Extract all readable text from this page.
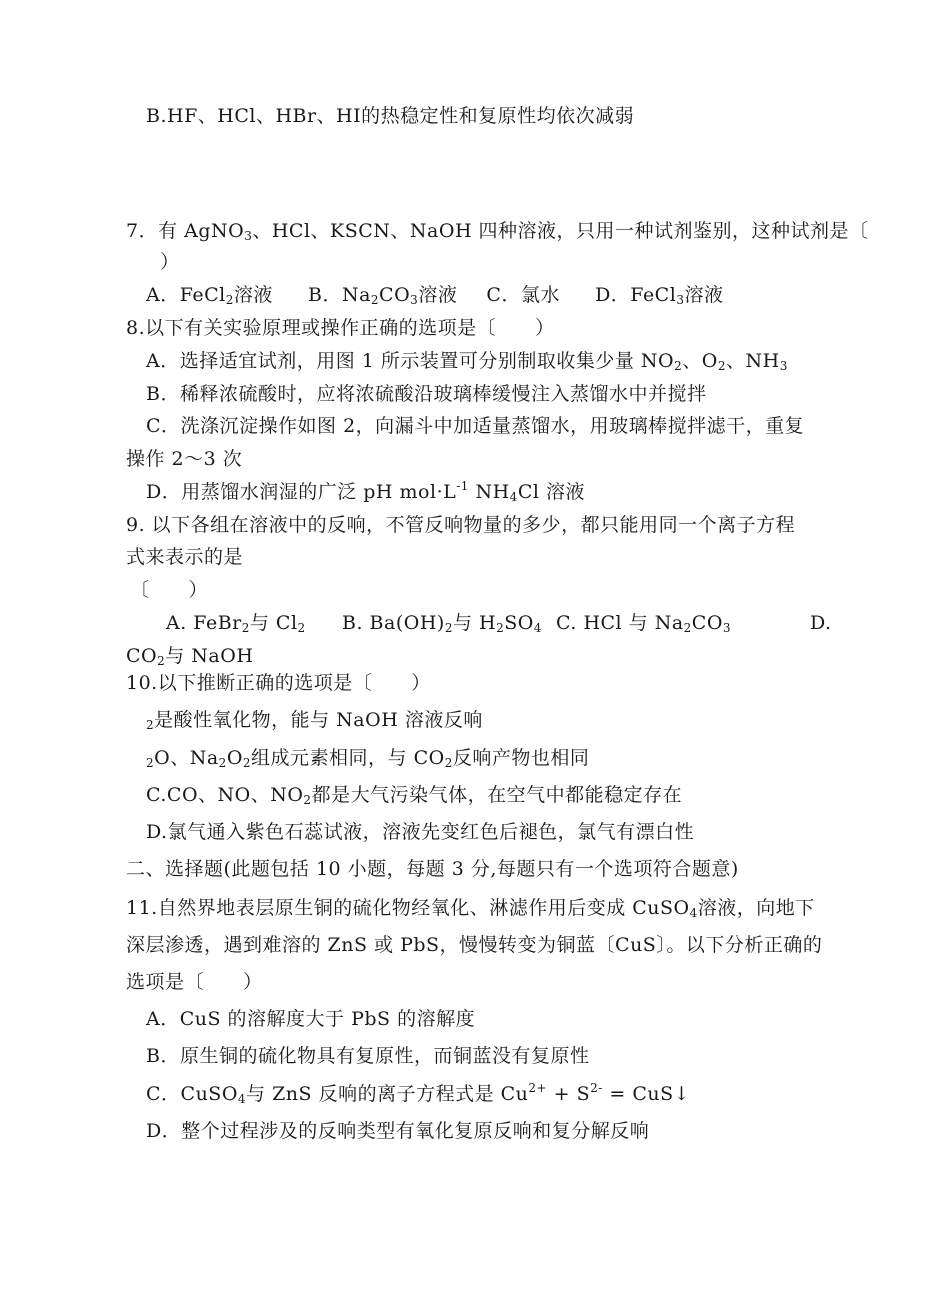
B.HF、HCl、HBr、HI的热稳定性和复原性均依次减弱
7．有 AgNO$_3$、HCl、KSCN、NaOH 四种溶液，只用一种试剂鉴别，这种试剂是〔
）
A．FeCl$_2$溶液 B．$Na_2CO_3$溶液 C．氯水 D．FeCl$_3$溶液
8.以下有关实验原理或操作正确的选项是〔　　）
A．选择适宜试剂，用图 1 所示装置可分别制取收集少量 $NO_2$、$O_2$、$NH_3$
B．稀释浓硫酸时，应将浓硫酸沿玻璃棒缓慢注入蒸馏水中并搅拌
C．洗涤沉淀操作如图 2，向漏斗中加适量蒸馏水，用玻璃棒搅拌滤干，重复
操作 2～3 次
D．用蒸馏水润湿的广泛 pH $mol\cdot L^{-1}$ $NH_4Cl$ 溶液
9. 以下各组在溶液中的反响，不管反响物量的多少，都只能用同一个离子方程
式来表示的是
〔　　）
A. FeBr$_2$与 $Cl_2$ B. $Ba(OH)_2$与 $H_2SO_4$ C. HCl 与 $Na_2CO_3$	D.
$CO_2$与 NaOH
10.以下推断正确的选项是〔　　）
$_2$是酸性氧化物，能与 NaOH 溶液反响
$_2$O、$Na_2O_2$组成元素相同，与 $CO_2$反响产物也相同
C.CO、NO、$NO_2$都是大气污染气体，在空气中都能稳定存在
D.氯气通入紫色石蕊试液，溶液先变红色后褪色，氯气有漂白性
二、选择题(此题包括 10 小题，每题 3 分,每题只有一个选项符合题意)
11.自然界地表层原生铜的硫化物经氧化、淋滤作用后变成 CuSO$_4$溶液，向地下
深层渗透，遇到难溶的 ZnS 或 PbS，慢慢转变为铜蓝〔CuS〕。以下分析正确的
选项是〔　　）
A．CuS 的溶解度大于 PbS 的溶解度
B．原生铜的硫化物具有复原性，而铜蓝没有复原性
C．CuSO$_4$与 ZnS 反响的离子方程式是 $Cu^{2+} + S^{2-}$ = CuS↓
D．整个过程涉及的反响类型有氧化复原反响和复分解反响
